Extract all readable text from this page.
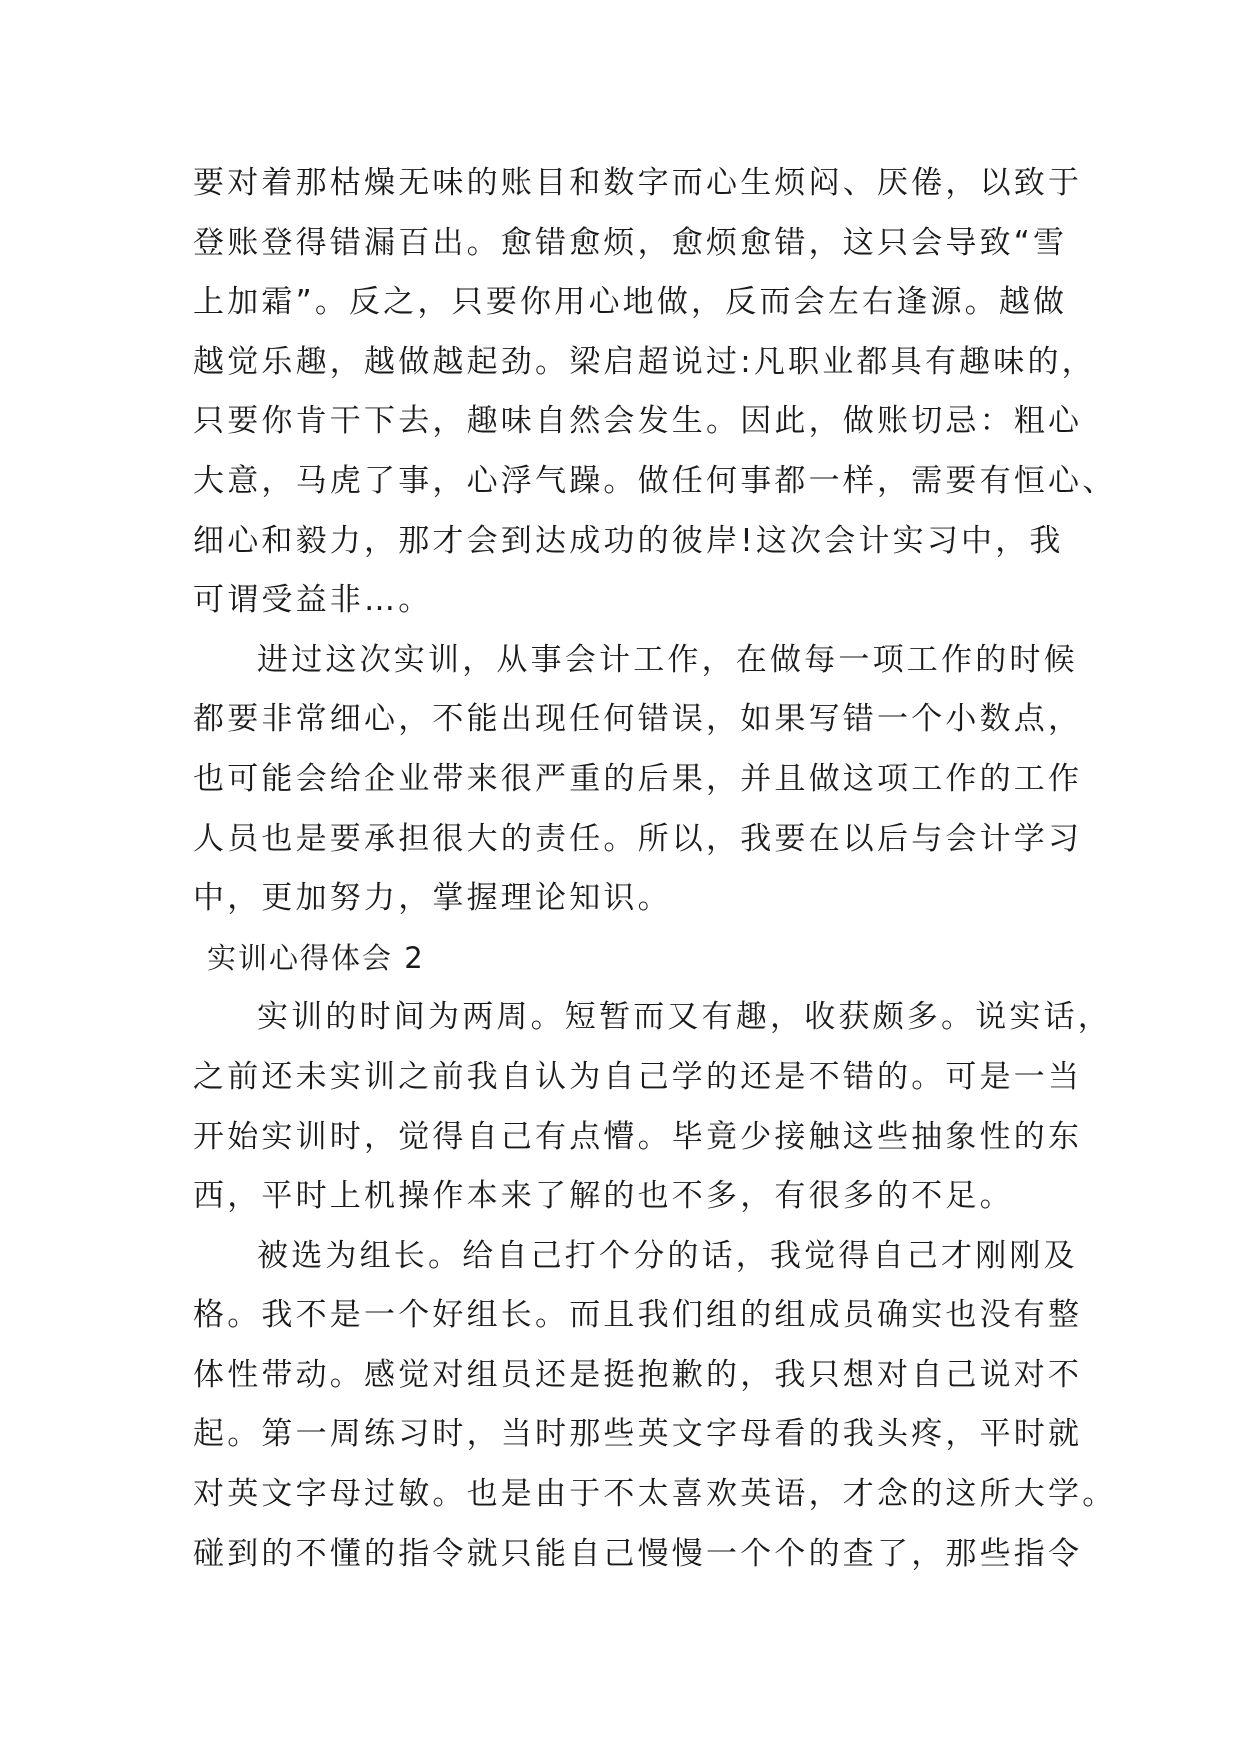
要对着那枯燥无味的账目和数字而心生烦闷、厌倦，以致于
登账登得错漏百出。愈错愈烦，愈烦愈错，这只会导致“雪
上加霜”。反之，只要你用心地做，反而会左右逢源。越做
越觉乐趣，越做越起劲。梁启超说过:凡职业都具有趣味的，
只要你肯干下去，趣味自然会发生。因此，做账切忌：粗心
大意，马虎了事，心浮气躁。做任何事都一样，需要有恒心、
细心和毅力，那才会到达成功的彼岸!这次会计实习中，我
可谓受益非…。
进过这次实训，从事会计工作，在做每一项工作的时候
都要非常细心，不能出现任何错误，如果写错一个小数点，
也可能会给企业带来很严重的后果，并且做这项工作的工作
人员也是要承担很大的责任。所以，我要在以后与会计学习
中，更加努力，掌握理论知识。
实训心得体会 2
实训的时间为两周。短暂而又有趣，收获颇多。说实话，
之前还未实训之前我自认为自己学的还是不错的。可是一当
开始实训时，觉得自己有点懵。毕竟少接触这些抽象性的东
西，平时上机操作本来了解的也不多，有很多的不足。
被选为组长。给自己打个分的话，我觉得自己才刚刚及
格。我不是一个好组长。而且我们组的组成员确实也没有整
体性带动。感觉对组员还是挺抱歉的，我只想对自己说对不
起。第一周练习时，当时那些英文字母看的我头疼，平时就
对英文字母过敏。也是由于不太喜欢英语，才念的这所大学。
碰到的不懂的指令就只能自己慢慢一个个的查了，那些指令
